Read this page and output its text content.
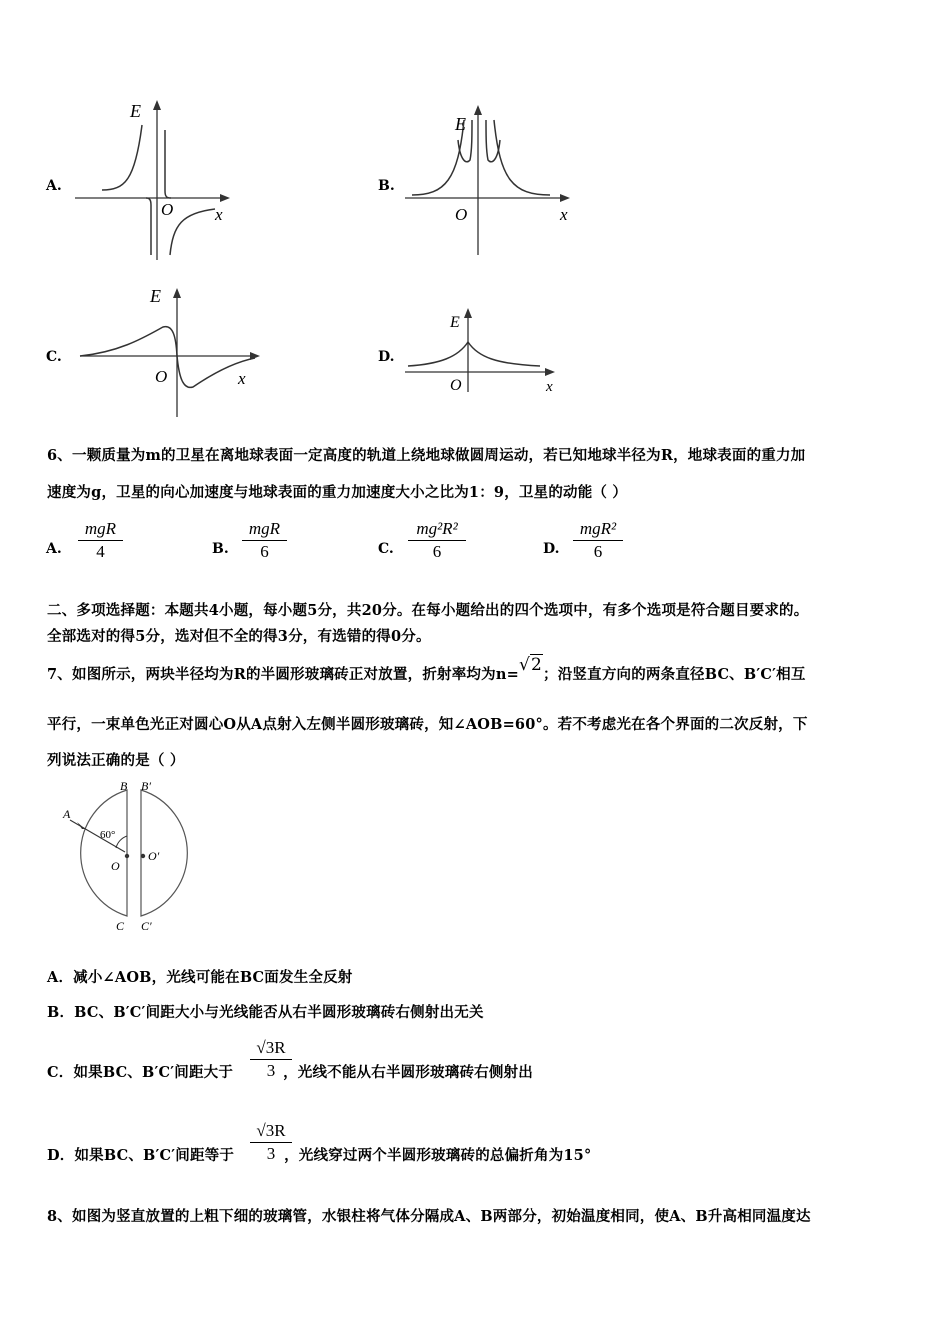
A.
E
O x
B.
E
O	x
C.
E
O	x
D.
E
O	x
6、一颗质量为m的卫星在离地球表面一定高度的轨道上绕地球做圆周运动，若已知地球半径为R，地球表面的重力加
速度为g，卫星的向心加速度与地球表面的重力加速度大小之比为1：9，卫星的动能（ ）
A.
mgR
4	B.
mgR
6	C.
mg²R²
6	D.
mgR²
6
二、多项选择题：本题共4小题，每小题5分，共20分。在每小题给出的四个选项中，有多个选项是符合题目要求的。
全部选对的得5分，选对但不全的得3分，有选错的得0分。
7、如图所示，两块半径均为R的半圆形玻璃砖正对放置，折射率均为n=√2；沿竖直方向的两条直径BC、B′C′相互
平行，一束单色光正对圆心O从A点射入左侧半圆形玻璃砖，知∠AOB=60°。若不考虑光在各个界面的二次反射，下
列说法正确的是（ ）
B B′
A
60°
O
O′
C C′
A．减小∠AOB，光线可能在BC面发生全反射
B．BC、B′C′间距大小与光线能否从右半圆形玻璃砖右侧射出无关
C．如果BC、B′C′间距大于	，光线不能从右半圆形玻璃砖右侧射出
√3R
3
D．如果BC、B′C′间距等于	，光线穿过两个半圆形玻璃砖的总偏折角为15°
√3R
3
8、如图为竖直放置的上粗下细的玻璃管，水银柱将气体分隔成A、B两部分，初始温度相同，使A、B升高相同温度达
